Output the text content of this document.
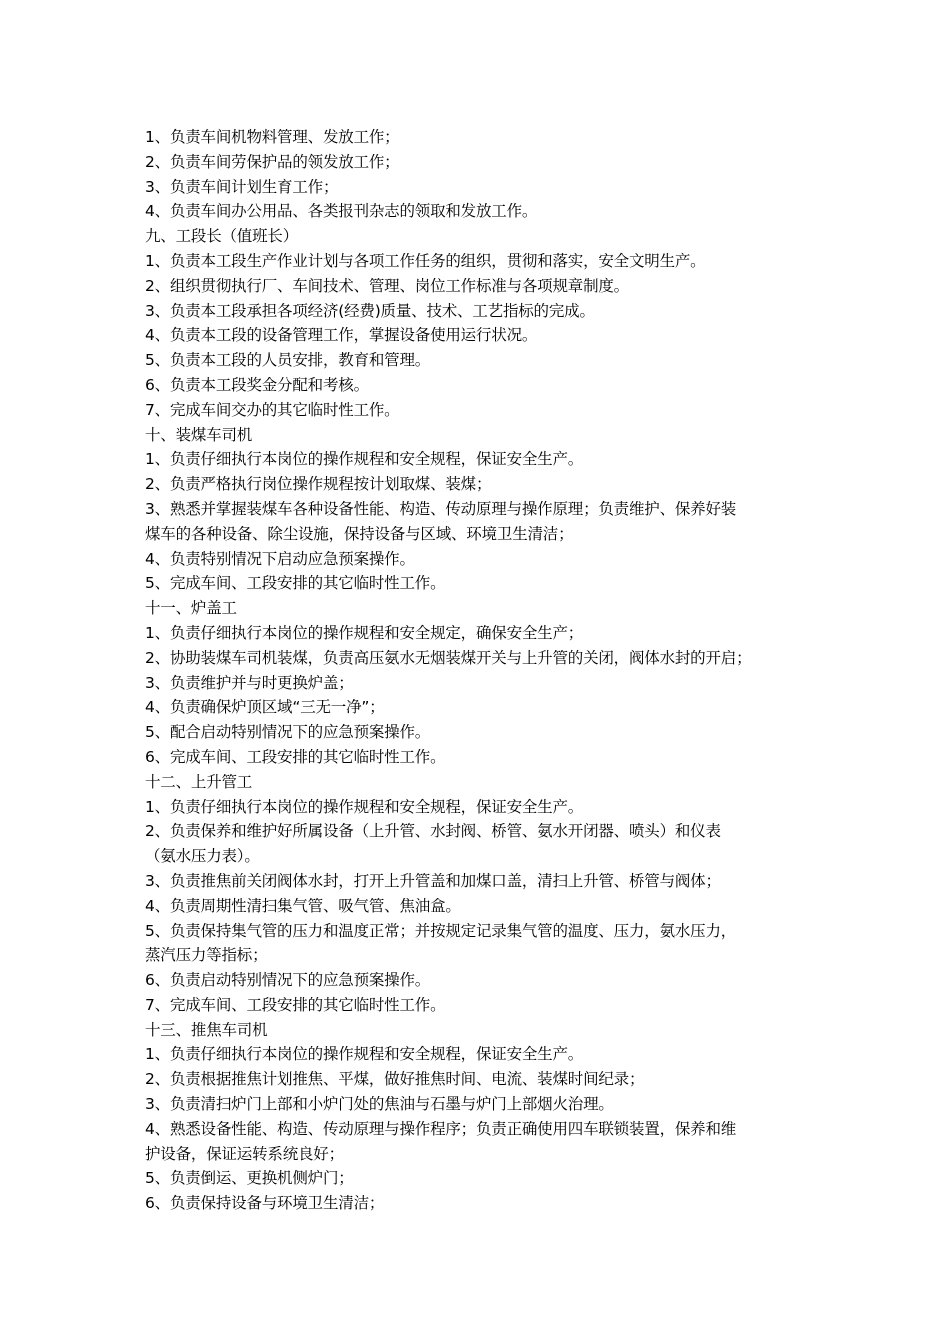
1、负责车间机物料管理、发放工作；
2、负责车间劳保护品的领发放工作；
3、负责车间计划生育工作；
4、负责车间办公用品、各类报刊杂志的领取和发放工作。
九、工段长（值班长）
1、负责本工段生产作业计划与各项工作任务的组织，贯彻和落实，安全文明生产。
2、组织贯彻执行厂、车间技术、管理、岗位工作标准与各项规章制度。
3、负责本工段承担各项经济(经费)质量、技术、工艺指标的完成。
4、负责本工段的设备管理工作，掌握设备使用运行状况。
5、负责本工段的人员安排，教育和管理。
6、负责本工段奖金分配和考核。
7、完成车间交办的其它临时性工作。
十、装煤车司机
1、负责仔细执行本岗位的操作规程和安全规程，保证安全生产。
2、负责严格执行岗位操作规程按计划取煤、装煤；
3、熟悉并掌握装煤车各种设备性能、构造、传动原理与操作原理；负责维护、保养好装
煤车的各种设备、除尘设施，保持设备与区域、环境卫生清洁；
4、负责特别情况下启动应急预案操作。
5、完成车间、工段安排的其它临时性工作。
十一、炉盖工
1、负责仔细执行本岗位的操作规程和安全规定，确保安全生产；
2、协助装煤车司机装煤，负责高压氨水无烟装煤开关与上升管的关闭，阀体水封的开启；
3、负责维护并与时更换炉盖；
4、负责确保炉顶区域“三无一净”；
5、配合启动特别情况下的应急预案操作。
6、完成车间、工段安排的其它临时性工作。
十二、上升管工
1、负责仔细执行本岗位的操作规程和安全规程，保证安全生产。
2、负责保养和维护好所属设备（上升管、水封阀、桥管、氨水开闭器、喷头）和仪表
（氨水压力表）。
3、负责推焦前关闭阀体水封，打开上升管盖和加煤口盖，清扫上升管、桥管与阀体；
4、负责周期性清扫集气管、吸气管、焦油盒。
5、负责保持集气管的压力和温度正常；并按规定记录集气管的温度、压力，氨水压力，
蒸汽压力等指标；
6、负责启动特别情况下的应急预案操作。
7、完成车间、工段安排的其它临时性工作。
十三、推焦车司机
1、负责仔细执行本岗位的操作规程和安全规程，保证安全生产。
2、负责根据推焦计划推焦、平煤，做好推焦时间、电流、装煤时间纪录；
3、负责清扫炉门上部和小炉门处的焦油与石墨与炉门上部烟火治理。
4、熟悉设备性能、构造、传动原理与操作程序；负责正确使用四车联锁装置，保养和维
护设备，保证运转系统良好；
5、负责倒运、更换机侧炉门；
6、负责保持设备与环境卫生清洁；
